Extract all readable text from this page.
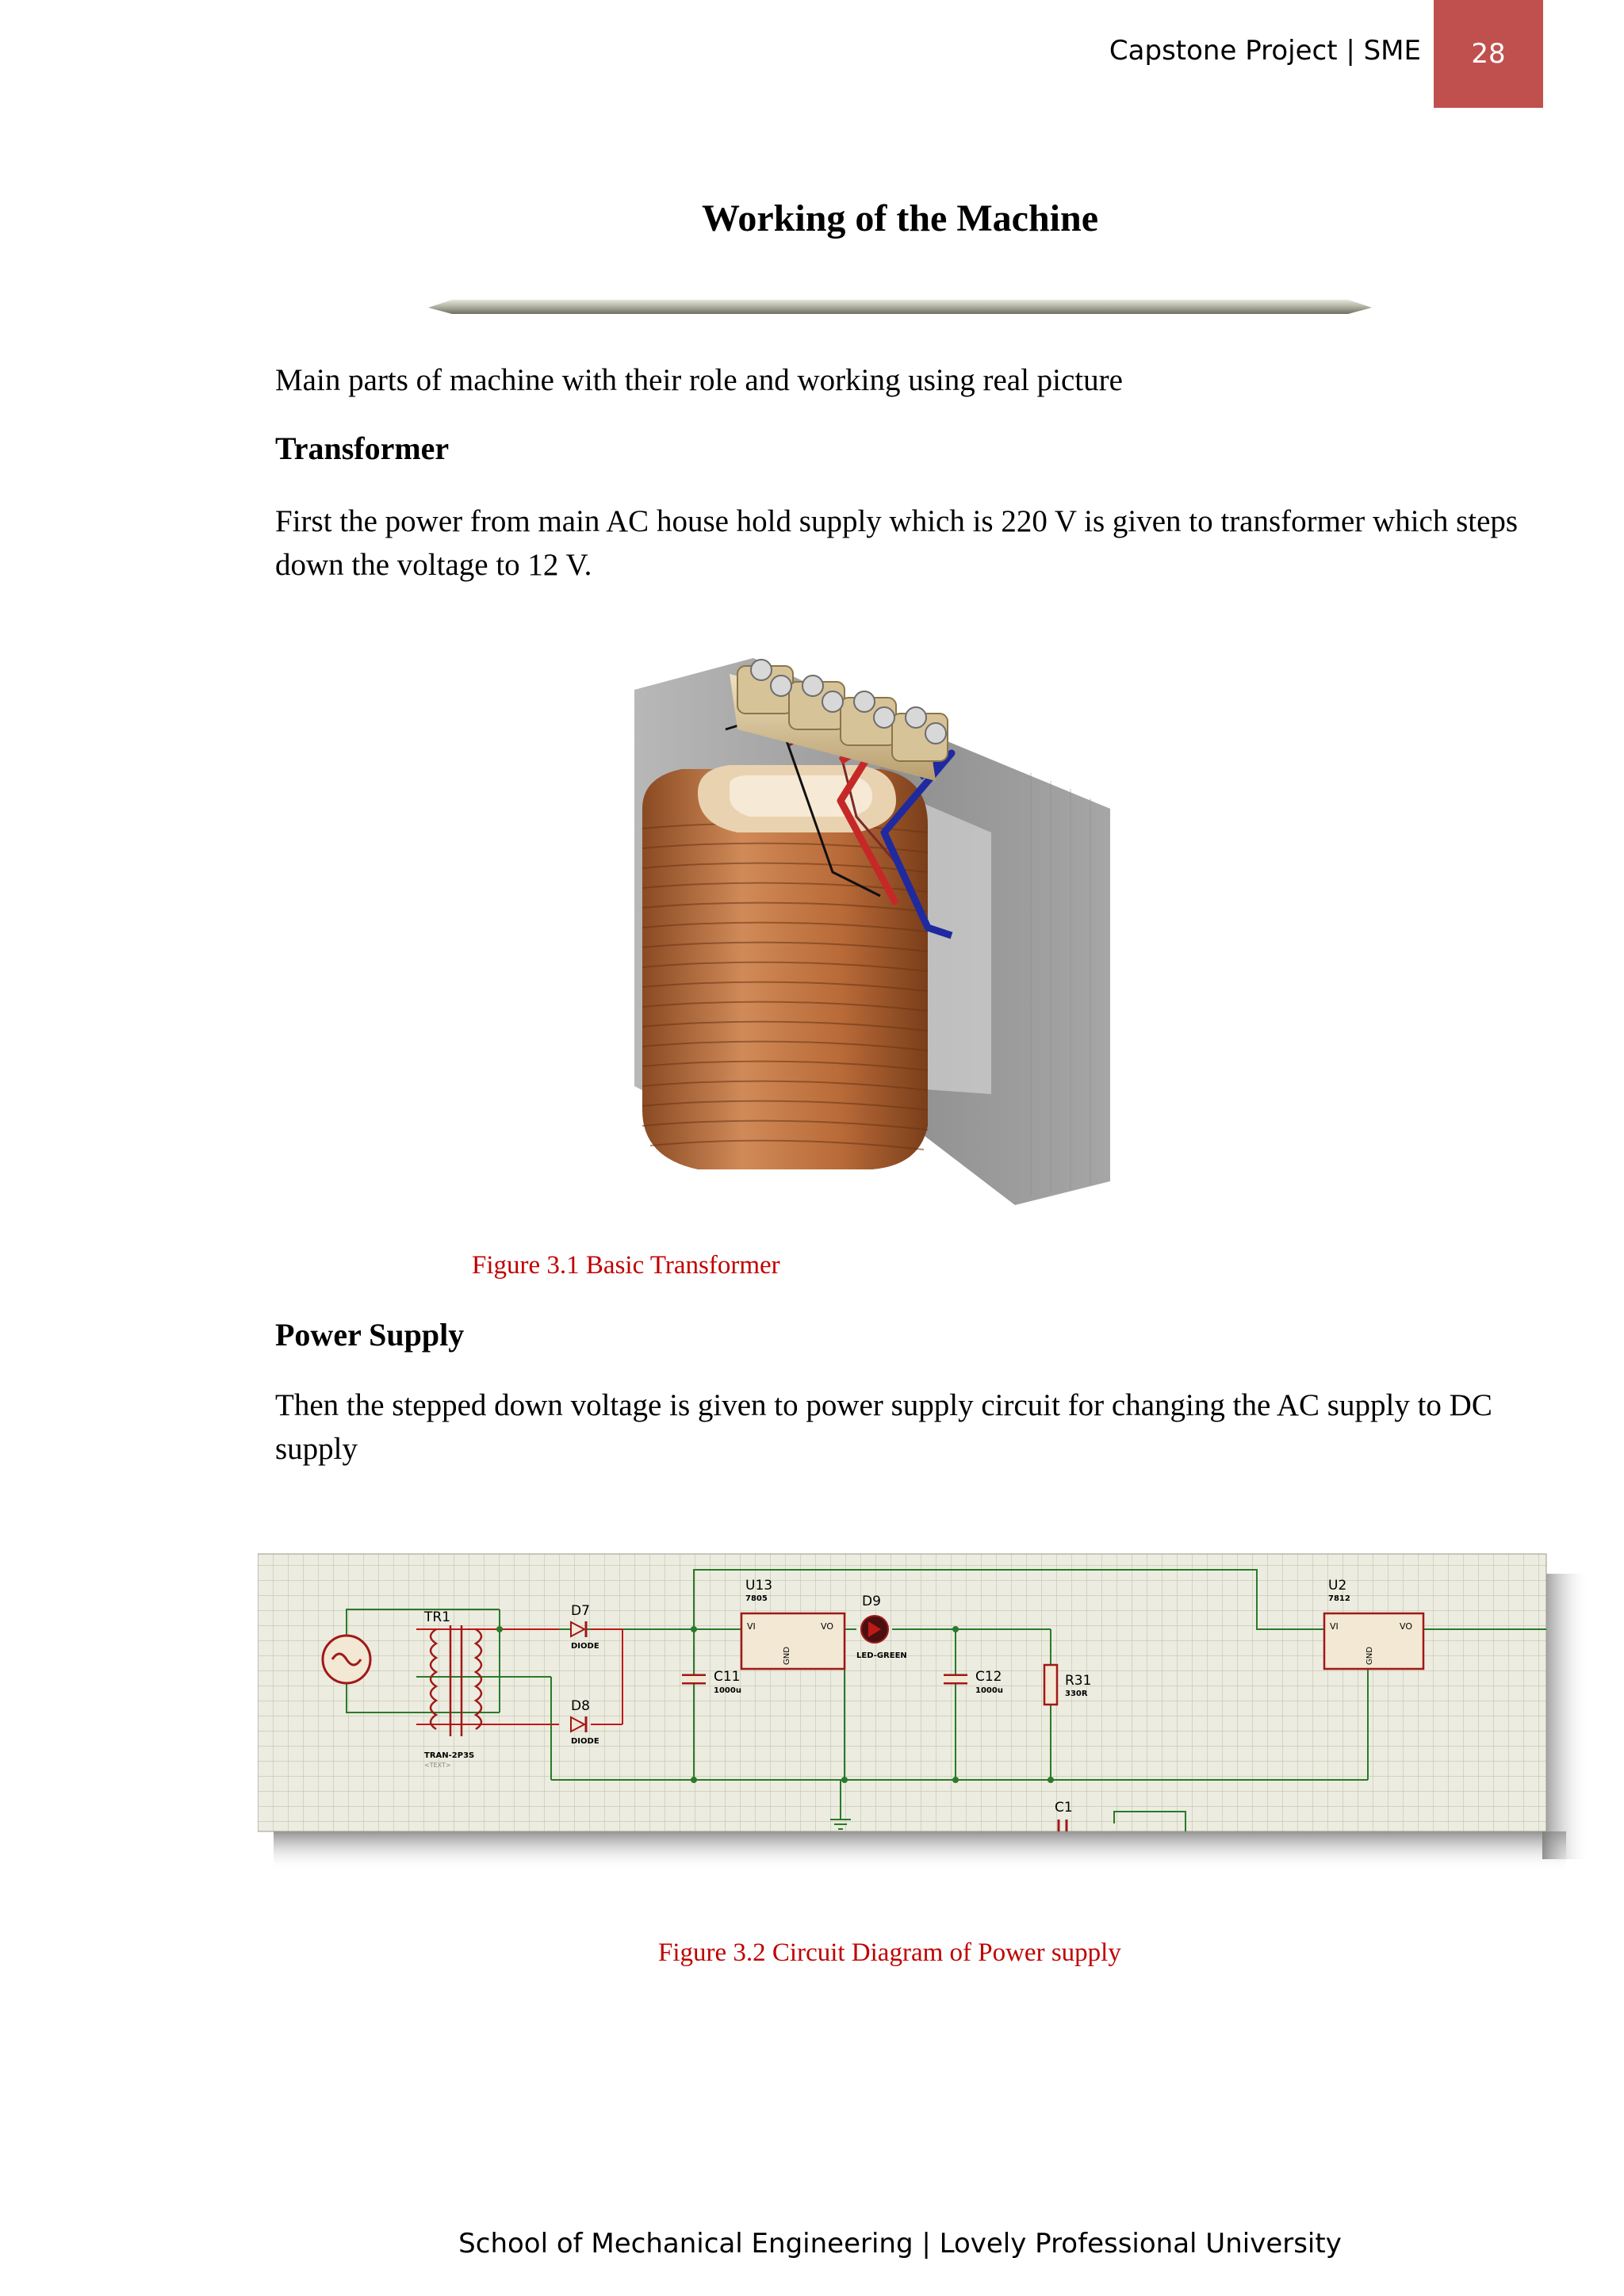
Capstone Project | SME 28
Working of the Machine
Main parts of machine with their role and working using real picture
Transformer
First the power from main AC house hold supply which is 220 V is given to transformer which steps down the voltage to 12 V.
Figure 3.1 Basic Transformer
Power Supply
Then the stepped down voltage is given to power supply circuit for changing the AC supply to DC supply
TR1
TRAN-2P3S
<TEXT>
D7
DIODE
D8
DIODE
C11
1000u
U13
7805
VI	VO
GND
D9
LED-GREEN
C12
1000u
R31
330R
C1
U2
7812
VI	VO
GND
Figure 3.2 Circuit Diagram of Power supply
School of Mechanical Engineering | Lovely Professional University
